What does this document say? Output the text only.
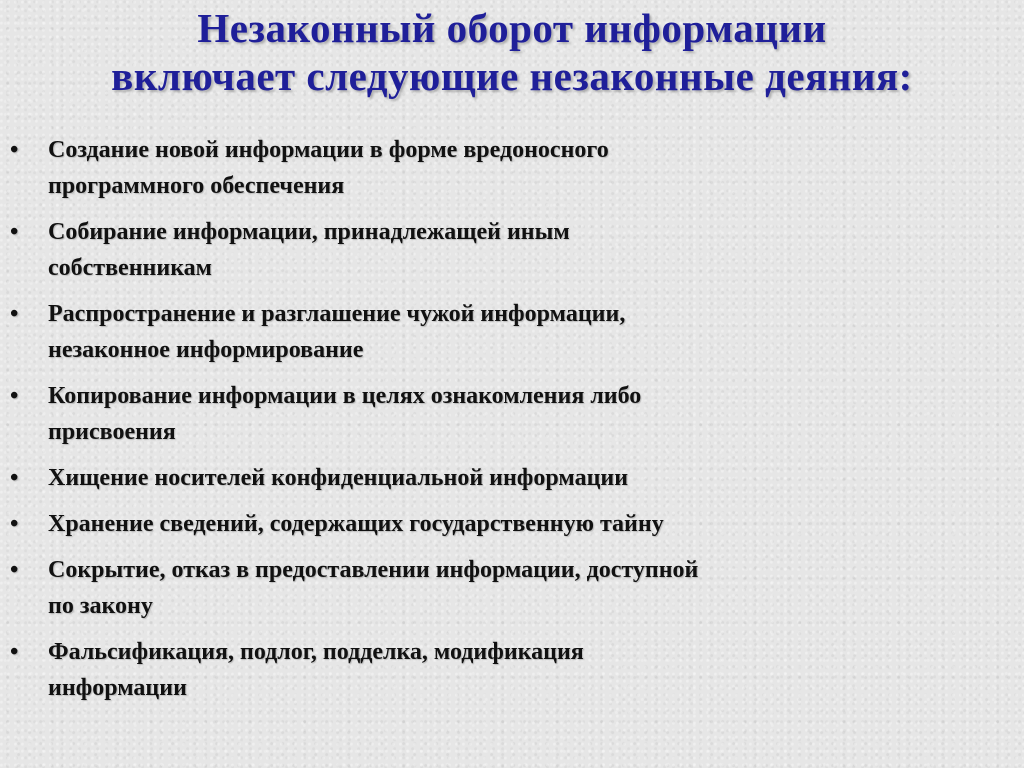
Незаконный оборот информации
включает следующие незаконные деяния:
• Создание новой информации в форме вредоносного
программного обеспечения
• Собирание информации, принадлежащей иным
собственникам
• Распространение и разглашение чужой информации,
незаконное информирование
• Копирование информации в целях ознакомления либо
присвоения
• Хищение носителей конфиденциальной информации
• Хранение сведений, содержащих государственную тайну
• Сокрытие, отказ в предоставлении информации, доступной
по закону
• Фальсификация, подлог, подделка, модификация
информации
